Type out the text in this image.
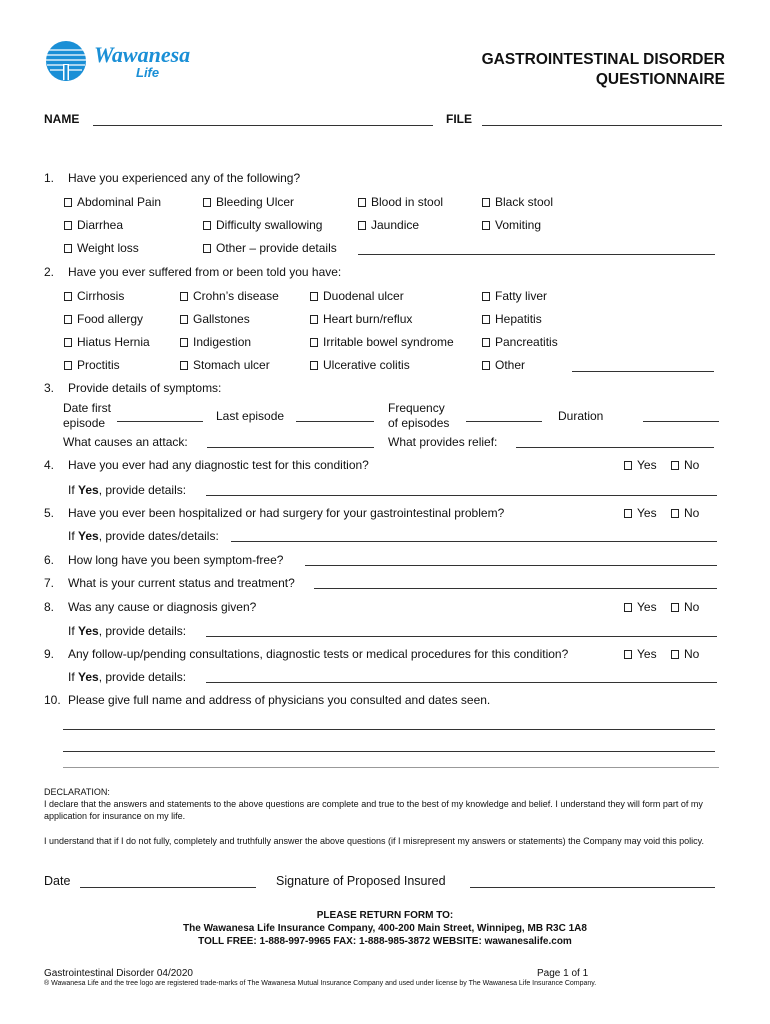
Wawanesa
Life
GASTROINTESTINAL DISORDER
QUESTIONNAIRE
NAME	FILE
1. Have you experienced any of the following?
Abdominal Pain	Bleeding Ulcer	Blood in stool	Black stool
Diarrhea	Difficulty swallowing	Jaundice	Vomiting
Weight loss	Other – provide details
2. Have you ever suffered from or been told you have:
Cirrhosis	Crohn’s disease	Duodenal ulcer	Fatty liver
Food allergy	Gallstones	Heart burn/reflux	Hepatitis
Hiatus Hernia	Indigestion	Irritable bowel syndrome	Pancreatitis
Proctitis	Stomach ulcer	Ulcerative colitis	Other
3. Provide details of symptoms:
Date first
episode	Last episode
Frequency
of episodes	Duration
What causes an attack:	What provides relief:
4. Have you ever had any diagnostic test for this condition?	Yes	No
If Yes, provide details:
5. Have you ever been hospitalized or had surgery for your gastrointestinal problem?	Yes	No
If Yes, provide dates/details:
6. How long have you been symptom-free?
7. What is your current status and treatment?
8. Was any cause or diagnosis given?	Yes	No
If Yes, provide details:
9. Any follow-up/pending consultations, diagnostic tests or medical procedures for this condition?	Yes	No
If Yes, provide details:
10. Please give full name and address of physicians you consulted and dates seen.
DECLARATION:
I declare that the answers and statements to the above questions are complete and true to the best of my knowledge and belief. I understand they will form part of my application for insurance on my life.
I understand that if I do not fully, completely and truthfully answer the above questions (if I misrepresent my answers or statements) the Company may void this policy.
Date	Signature of Proposed Insured
PLEASE RETURN FORM TO:
The Wawanesa Life Insurance Company, 400-200 Main Street, Winnipeg, MB R3C 1A8
TOLL FREE: 1-888-997-9965 FAX: 1-888-985-3872 WEBSITE: wawanesalife.com
Gastrointestinal Disorder 04/2020	Page 1 of 1
® Wawanesa Life and the tree logo are registered trade-marks of The Wawanesa Mutual Insurance Company and used under license by The Wawanesa Life Insurance Company.
